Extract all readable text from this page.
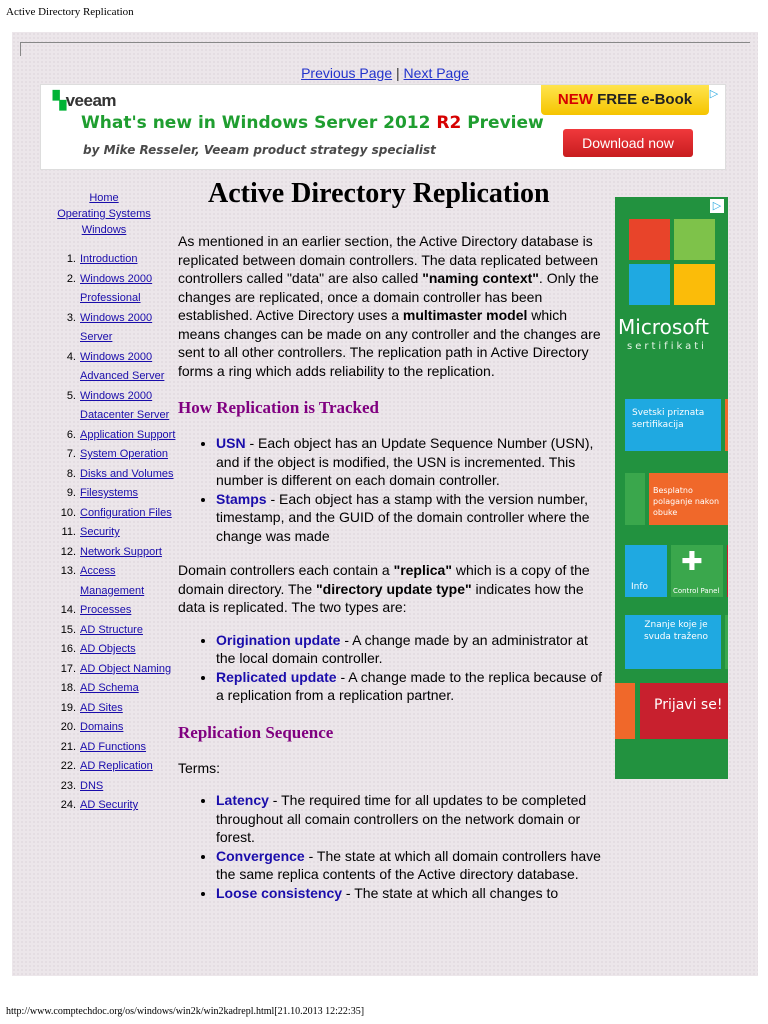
Active Directory Replication
Previous Page | Next Page
▚veeam	NEW FREE e-Book	▷
What's new in Windows Server 2012 R2 Preview
by Mike Resseler, Veeam product strategy specialist	Download now
Home
Operating Systems
Windows
1. Introduction
2. Windows 2000 Professional
3. Windows 2000 Server
4. Windows 2000 Advanced Server
5. Windows 2000 Datacenter Server
6. Application Support
7. System Operation
8. Disks and Volumes
9. Filesystems
10. Configuration Files
11. Security
12. Network Support
13. Access Management
14. Processes
15. AD Structure
16. AD Objects
17. AD Object Naming
18. AD Schema
19. AD Sites
20. Domains
21. AD Functions
22. AD Replication
23. DNS
24. AD Security
Active Directory Replication

As mentioned in an earlier section, the Active Directory database is replicated between domain controllers. The data replicated between controllers called "data" are also called "naming context". Only the changes are replicated, once a domain controller has been established. Active Directory uses a multimaster model which means changes can be made on any controller and the changes are sent to all other controllers. The replication path in Active Directory forms a ring which adds reliability to the replication.

How Replication is Tracked
• USN - Each object has an Update Sequence Number (USN), and if the object is modified, the USN is incremented. This number is different on each domain controller.
• Stamps - Each object has a stamp with the version number, timestamp, and the GUID of the domain controller where the change was made

Domain controllers each contain a "replica" which is a copy of the domain directory. The "directory update type" indicates how the data is replicated. The two types are:

• Origination update - A change made by an administrator at the local domain controller.
• Replicated update - A change made to the replica because of a replication from a replication partner.
Replication Sequence

Terms:

• Latency - The required time for all updates to be completed throughout all comain controllers on the network domain or forest.
• Convergence - The state at which all domain controllers have the same replica contents of the Active directory database.
• Loose consistency - The state at which all changes to
▷
Microsoft
sertifikati
Svetski priznata sertifikacija
Besplatno polaganje nakon obuke
Info
✚
Control Panel
Znanje koje je svuda traženo
Prijavi se!
http://www.comptechdoc.org/os/windows/win2k/win2kadrepl.html[21.10.2013 12:22:35]
